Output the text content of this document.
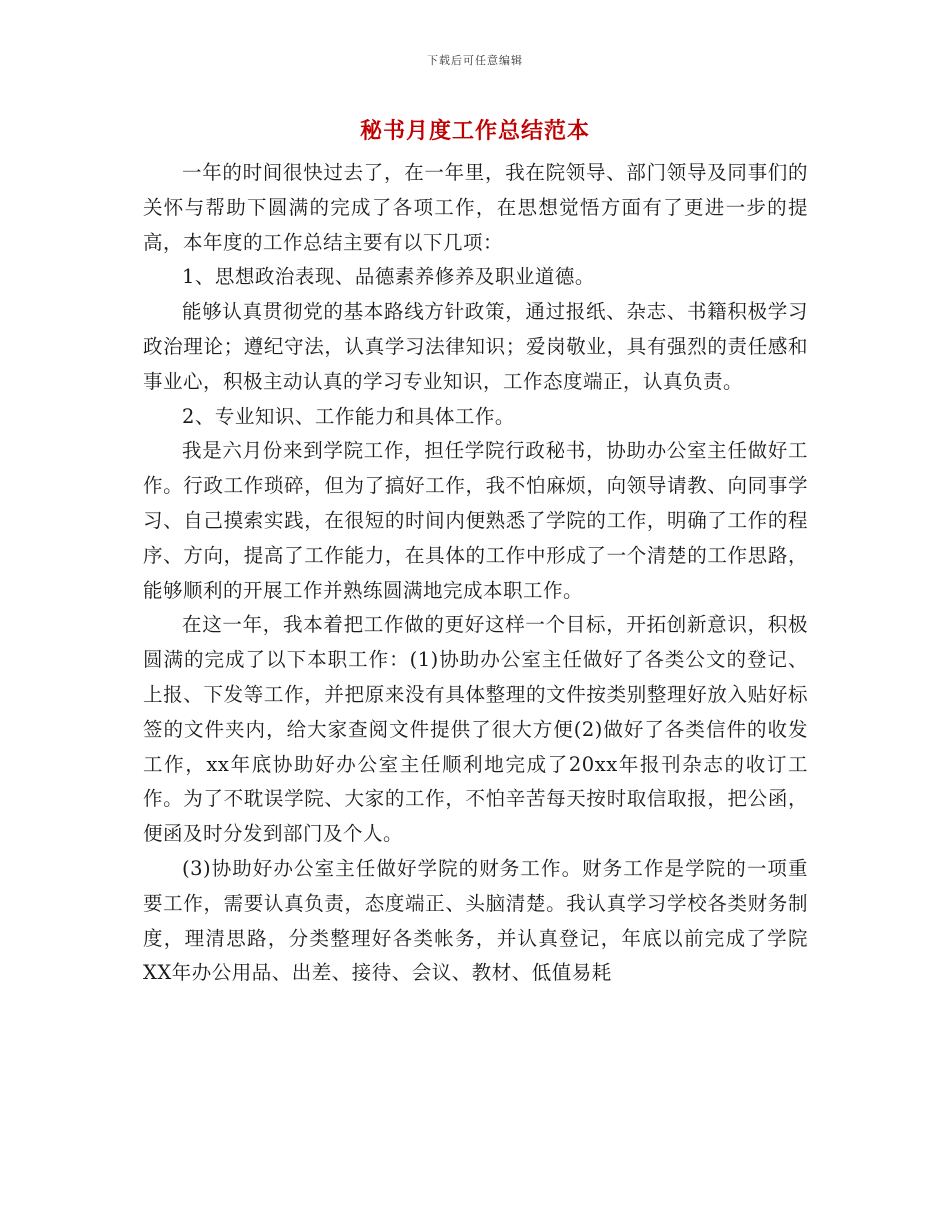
下载后可任意编辑
秘书月度工作总结范本

一年的时间很快过去了，在一年里，我在院领导、部门领导及同事们的关怀与帮助下圆满的完成了各项工作，在思想觉悟方面有了更进一步的提高，本年度的工作总结主要有以下几项：

1、思想政治表现、品德素养修养及职业道德。

能够认真贯彻党的基本路线方针政策，通过报纸、杂志、书籍积极学习政治理论；遵纪守法，认真学习法律知识；爱岗敬业，具有强烈的责任感和事业心，积极主动认真的学习专业知识，工作态度端正，认真负责。

2、专业知识、工作能力和具体工作。

我是六月份来到学院工作，担任学院行政秘书，协助办公室主任做好工作。行政工作琐碎，但为了搞好工作，我不怕麻烦，向领导请教、向同事学习、自己摸索实践，在很短的时间内便熟悉了学院的工作，明确了工作的程序、方向，提高了工作能力，在具体的工作中形成了一个清楚的工作思路，能够顺利的开展工作并熟练圆满地完成本职工作。

在这一年，我本着把工作做的更好这样一个目标，开拓创新意识，积极圆满的完成了以下本职工作：(1)协助办公室主任做好了各类公文的登记、上报、下发等工作，并把原来没有具体整理的文件按类别整理好放入贴好标签的文件夹内，给大家查阅文件提供了很大方便(2)做好了各类信件的收发工作，xx年底协助好办公室主任顺利地完成了20xx年报刊杂志的收订工作。为了不耽误学院、大家的工作，不怕辛苦每天按时取信取报，把公函，便函及时分发到部门及个人。

(3)协助好办公室主任做好学院的财务工作。财务工作是学院的一项重要工作，需要认真负责，态度端正、头脑清楚。我认真学习学校各类财务制度，理清思路，分类整理好各类帐务，并认真登记，年底以前完成了学院XX年办公用品、出差、接待、会议、教材、低值易耗
